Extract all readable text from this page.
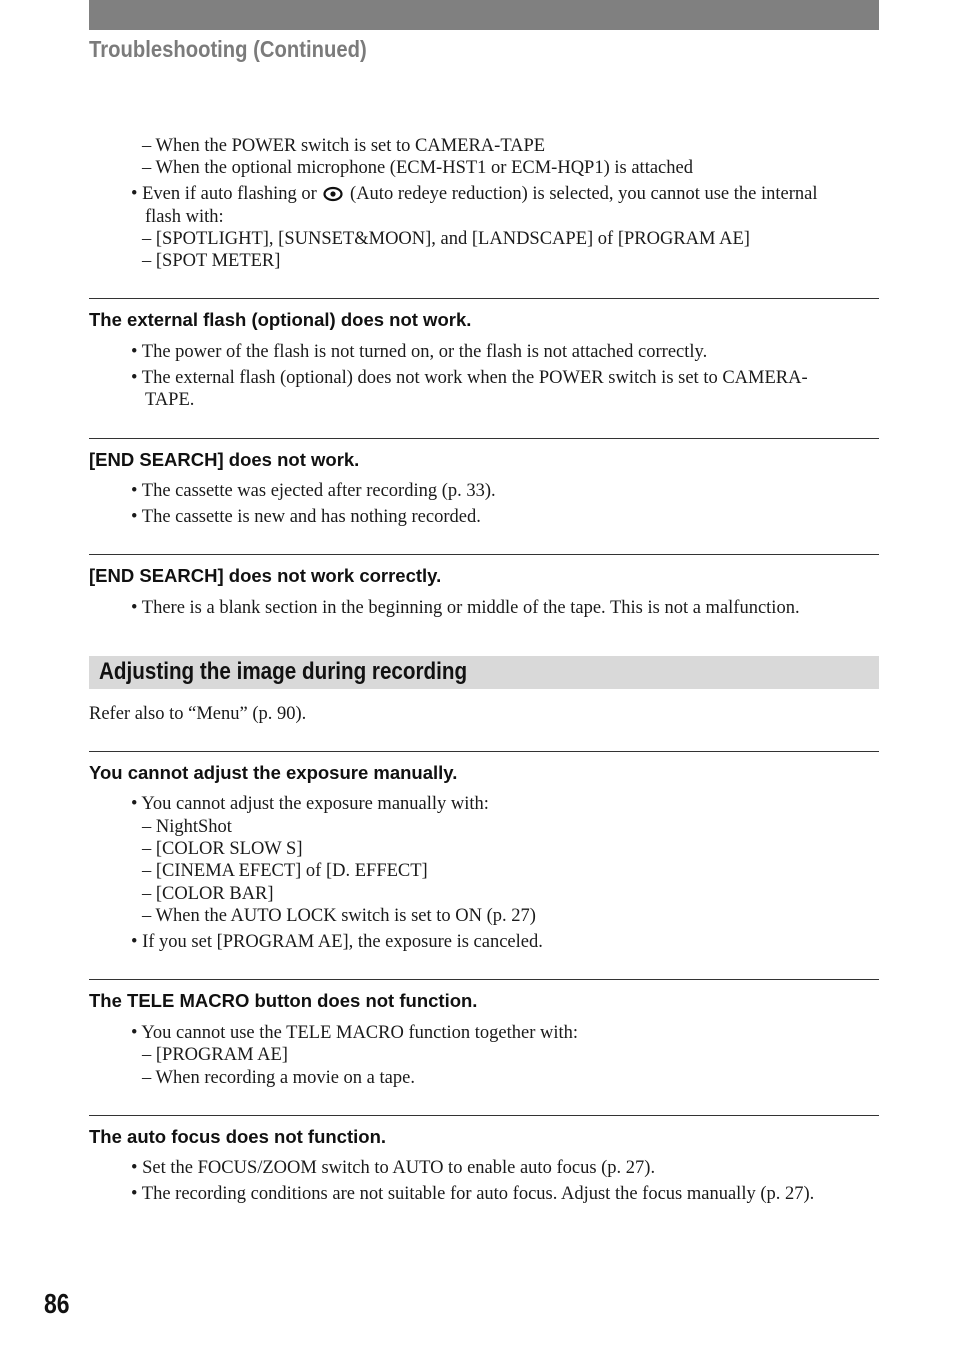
Troubleshooting (Continued)
– When the POWER switch is set to CAMERA-TAPE
– When the optional microphone (ECM-HST1 or ECM-HQP1) is attached
• Even if auto flashing or (Auto redeye reduction) is selected, you cannot use the internal
flash with:
– [SPOTLIGHT], [SUNSET&MOON], and [LANDSCAPE] of [PROGRAM AE]
– [SPOT METER]
The external flash (optional) does not work.
• The power of the flash is not turned on, or the flash is not attached correctly.
• The external flash (optional) does not work when the POWER switch is set to CAMERA-
TAPE.
[END SEARCH] does not work.
• The cassette was ejected after recording (p. 33).
• The cassette is new and has nothing recorded.
[END SEARCH] does not work correctly.
• There is a blank section in the beginning or middle of the tape. This is not a malfunction.
Adjusting the image during recording
Refer also to “Menu” (p. 90).
You cannot adjust the exposure manually.
• You cannot adjust the exposure manually with:
– NightShot
– [COLOR SLOW S]
– [CINEMA EFECT] of [D. EFFECT]
– [COLOR BAR]
– When the AUTO LOCK switch is set to ON (p. 27)
• If you set [PROGRAM AE], the exposure is canceled.
The TELE MACRO button does not function.
• You cannot use the TELE MACRO function together with:
– [PROGRAM AE]
– When recording a movie on a tape.
The auto focus does not function.
• Set the FOCUS/ZOOM switch to AUTO to enable auto focus (p. 27).
• The recording conditions are not suitable for auto focus. Adjust the focus manually (p. 27).
86
